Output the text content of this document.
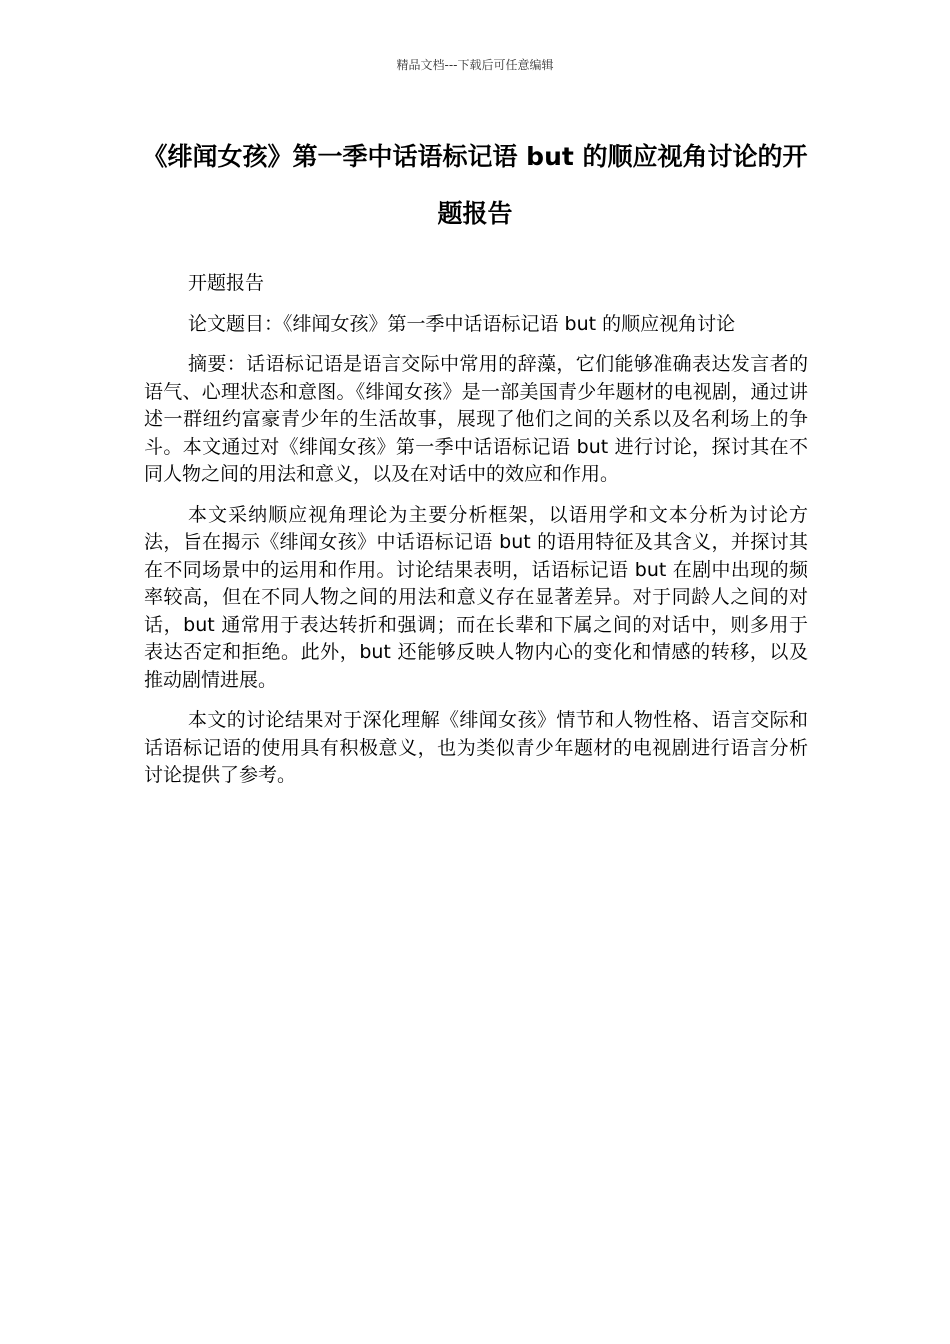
精品文档---下载后可任意编辑
《绯闻女孩》第一季中话语标记语 but 的顺应视角讨论的开题报告

开题报告

论文题目：《绯闻女孩》第一季中话语标记语 but 的顺应视角讨论

摘要：话语标记语是语言交际中常用的辞藻，它们能够准确表达发言者的语气、心理状态和意图。《绯闻女孩》是一部美国青少年题材的电视剧，通过讲述一群纽约富豪青少年的生活故事，展现了他们之间的关系以及名利场上的争斗。本文通过对《绯闻女孩》第一季中话语标记语 but 进行讨论，探讨其在不同人物之间的用法和意义，以及在对话中的效应和作用。

本文采纳顺应视角理论为主要分析框架，以语用学和文本分析为讨论方法，旨在揭示《绯闻女孩》中话语标记语 but 的语用特征及其含义，并探讨其在不同场景中的运用和作用。讨论结果表明，话语标记语 but 在剧中出现的频率较高，但在不同人物之间的用法和意义存在显著差异。对于同龄人之间的对话，but 通常用于表达转折和强调；而在长辈和下属之间的对话中，则多用于表达否定和拒绝。此外，but 还能够反映人物内心的变化和情感的转移，以及推动剧情进展。

本文的讨论结果对于深化理解《绯闻女孩》情节和人物性格、语言交际和话语标记语的使用具有积极意义，也为类似青少年题材的电视剧进行语言分析讨论提供了参考。
